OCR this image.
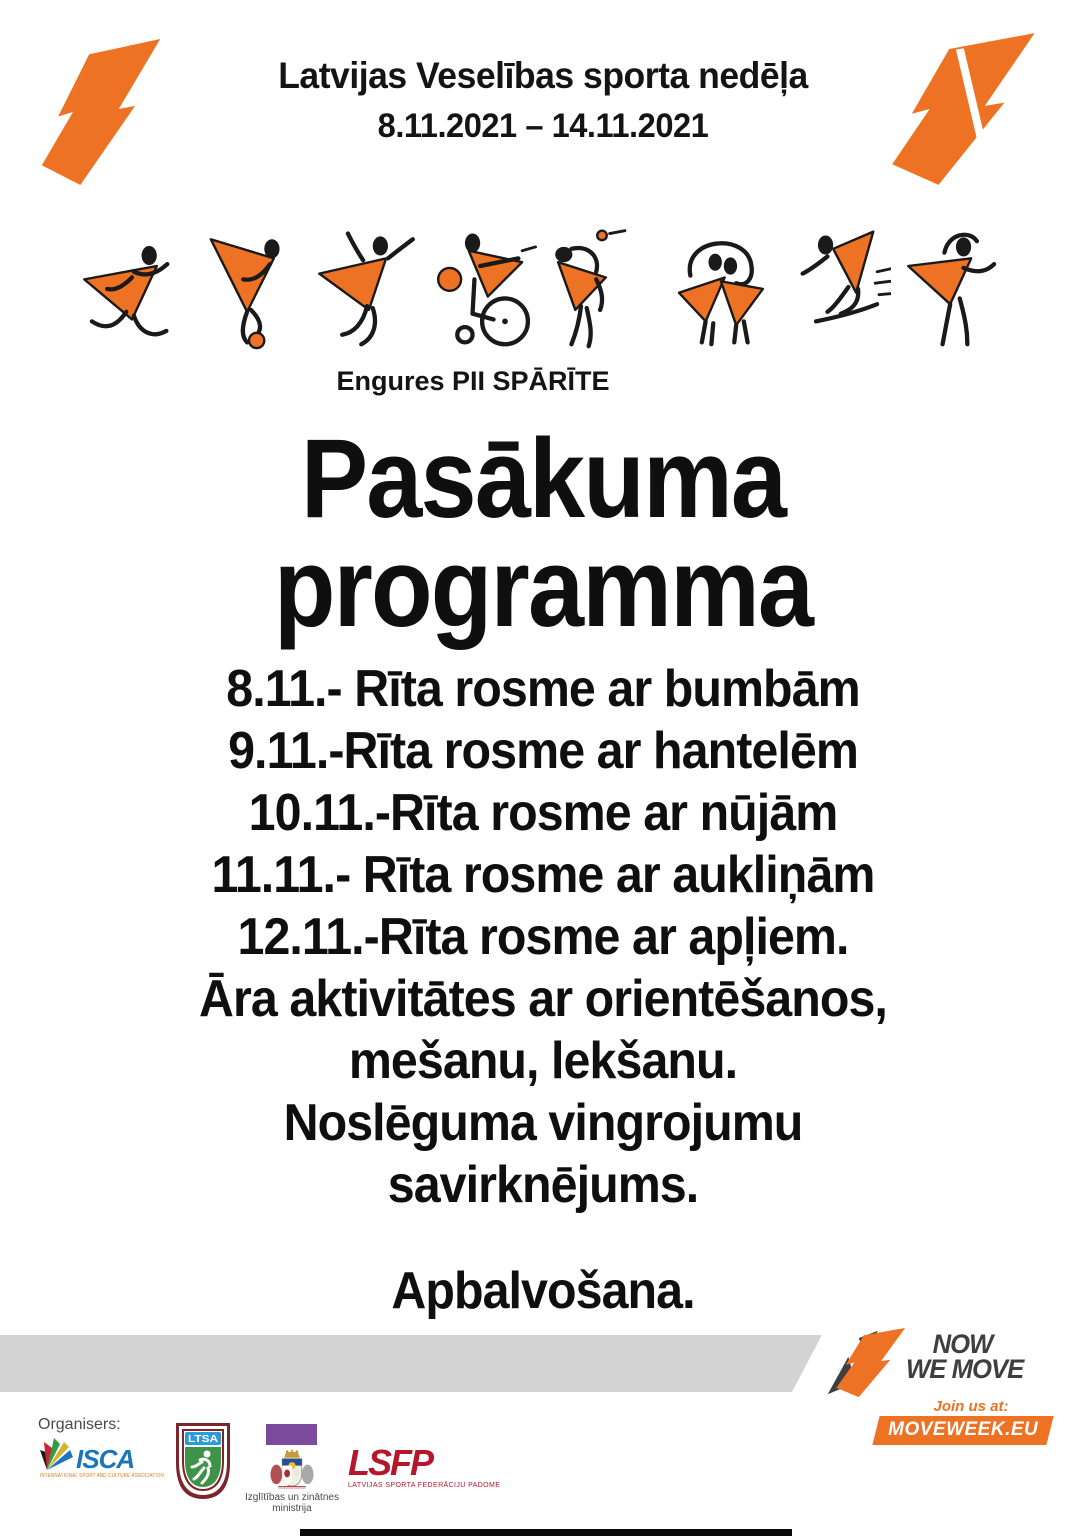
Latvijas Veselības sporta nedēļa
8.11.2021 – 14.11.2021
Engures PII SPĀRĪTE
Pasākuma programma
8.11.- Rīta rosme ar bumbām
9.11.-Rīta rosme ar hantelēm
10.11.-Rīta rosme ar nūjām
11.11.- Rīta rosme ar aukliņām
12.11.-Rīta rosme ar apļiem.
Āra aktivitātes ar orientēšanos,
mešanu, lekšanu.
Noslēguma vingrojumu
savirknējums.
Apbalvošana.
NOW
WE MOVE
Join us at:
MOVEWEEK.EU
Organisers:
ISCA
INTERNATIONAL SPORT AND CULTURE ASSOCIATION
LTSA
Izglītības un zinātnes ministrija
LSFP
LATVIJAS SPORTA FEDERĀCIJU PADOME
